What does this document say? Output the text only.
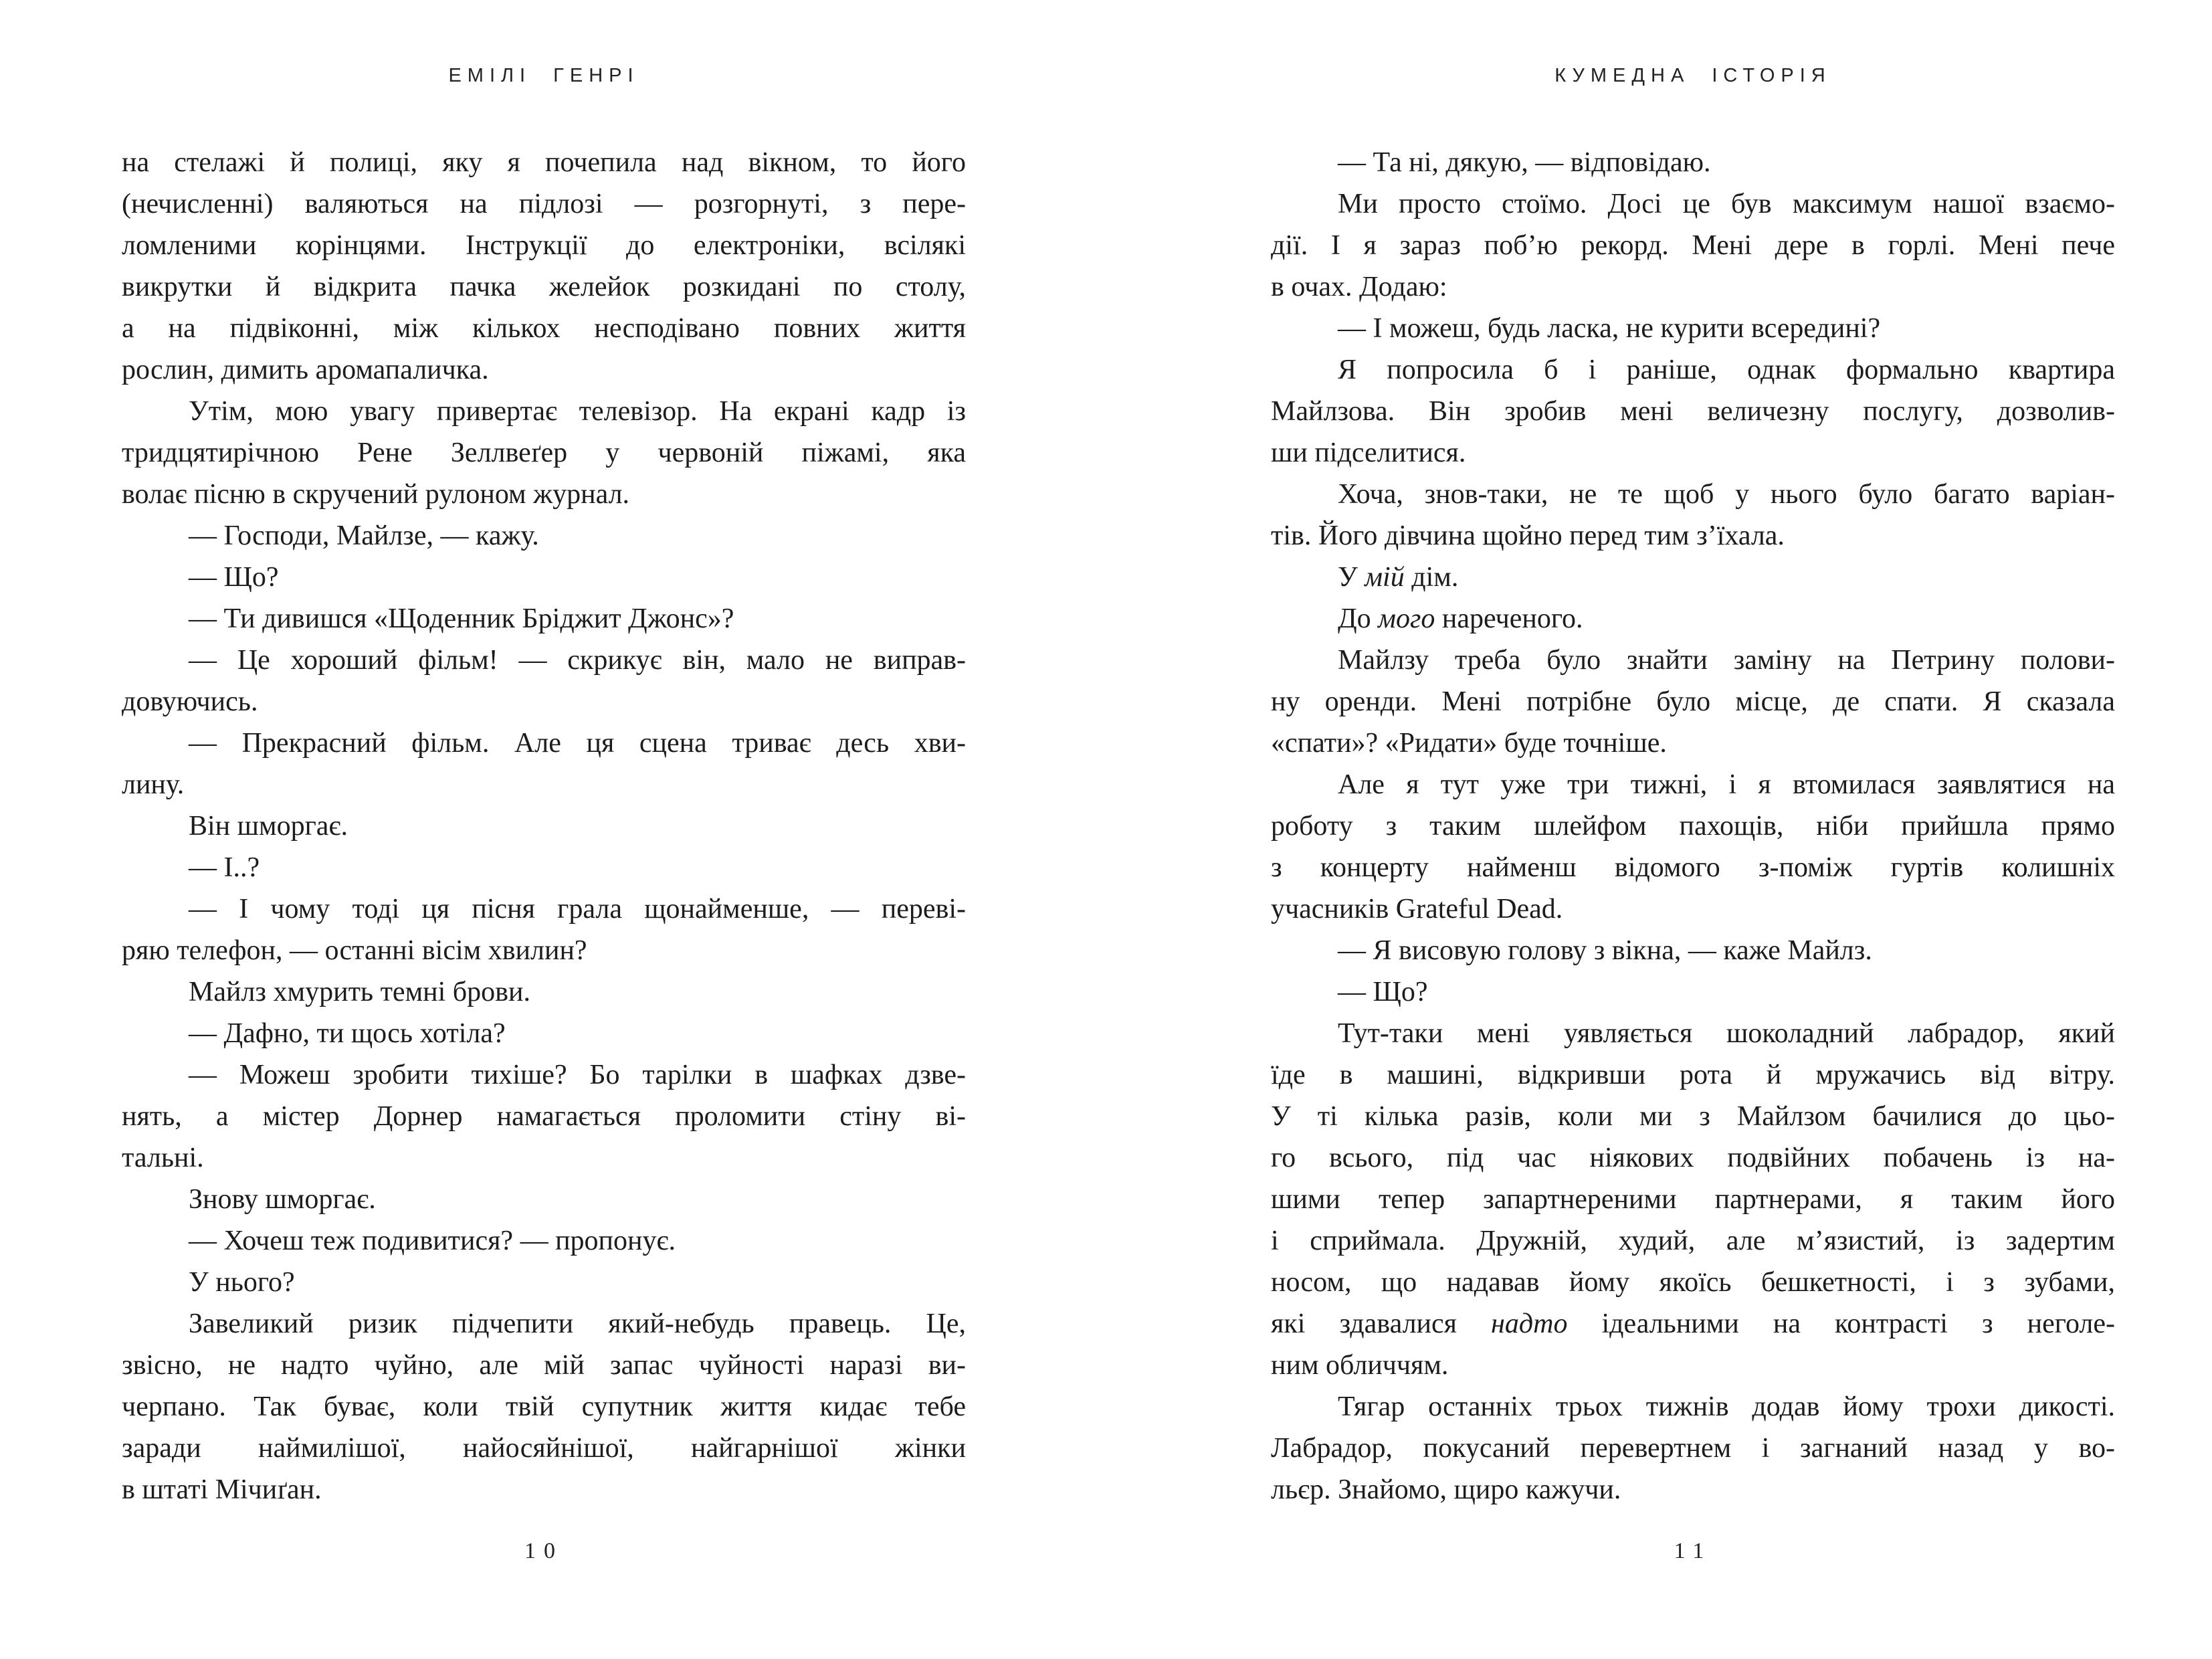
ЕМІЛІ ГЕНРІ
на стелажі й полиці, яку я почепила над вікном, то його
(нечисленні) валяються на підлозі — розгорнуті, з пере-
ломленими корінцями. Інструкції до електроніки, всілякі
викрутки й відкрита пачка желейок розкидані по столу,
а на підвіконні, між кількох несподівано повних життя
рослин, димить аромапаличка.
Утім, мою увагу привертає телевізор. На екрані кадр із
тридцятирічною Рене Зеллвеґер у червоній піжамі, яка
волає пісню в скручений рулоном журнал.
— Господи, Майлзе, — кажу.
— Що?
— Ти дивишся «Щоденник Бріджит Джонс»?
— Це хороший фільм! — скрикує він, мало не виправ-
довуючись.
— Прекрасний фільм. Але ця сцена триває десь хви-
лину.
Він шморгає.
— І..?
— І чому тоді ця пісня грала щонайменше, — переві-
ряю телефон, — останні вісім хвилин?
Майлз хмурить темні брови.
— Дафно, ти щось хотіла?
— Можеш зробити тихіше? Бо тарілки в шафках дзве-
нять, а містер Дорнер намагається проломити стіну ві-
тальні.
Знову шморгає.
— Хочеш теж подивитися? — пропонує.
У нього?
Завеликий ризик підчепити який-небудь правець. Це,
звісно, не надто чуйно, але мій запас чуйності наразі ви-
черпано. Так буває, коли твій супутник життя кидає тебе
заради наймилішої, найосяйнішої, найгарнішої жінки
в штаті Мічиґан.
10
КУМЕДНА ІСТОРІЯ
— Та ні, дякую, — відповідаю.
Ми просто стоїмо. Досі це був максимум нашої взаємо-
дії. І я зараз поб’ю рекорд. Мені дере в горлі. Мені пече
в очах. Додаю:
— І можеш, будь ласка, не курити всередині?
Я попросила б і раніше, однак формально квартира
Майлзова. Він зробив мені величезну послугу, дозволив-
ши підселитися.
Хоча, знов-таки, не те щоб у нього було багато варіан-
тів. Його дівчина щойно перед тим з’їхала.
У мій дім.
До мого нареченого.
Майлзу треба було знайти заміну на Петрину полови-
ну оренди. Мені потрібне було місце, де спати. Я сказала
«спати»? «Ридати» буде точніше.
Але я тут уже три тижні, і я втомилася заявлятися на
роботу з таким шлейфом пахощів, ніби прийшла прямо
з концерту найменш відомого з-поміж гуртів колишніх
учасників Grateful Dead.
— Я висовую голову з вікна, — каже Майлз.
— Що?
Тут-таки мені уявляється шоколадний лабрадор, який
їде в машині, відкривши рота й мружачись від вітру.
У ті кілька разів, коли ми з Майлзом бачилися до цьо-
го всього, під час ніякових подвійних побачень із на-
шими тепер запартнереними партнерами, я таким його
і сприймала. Дружній, худий, але м’язистий, із задертим
носом, що надавав йому якоїсь бешкетності, і з зубами,
які здавалися надто ідеальними на контрасті з неголе-
ним обличчям.
Тягар останніх трьох тижнів додав йому трохи дикості.
Лабрадор, покусаний перевертнем і загнаний назад у во-
льєр. Знайомо, щиро кажучи.
11
